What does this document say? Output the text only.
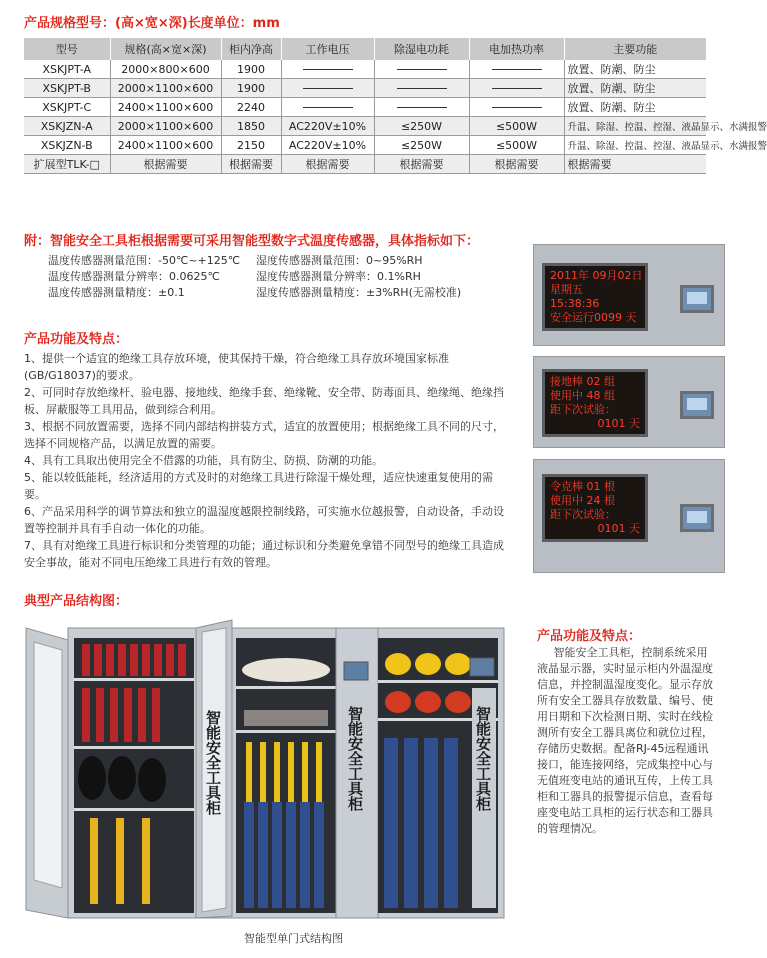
产品规格型号：(高×宽×深)长度单位：mm
型号	规格(高×宽×深)	柜内净高	工作电压	除湿电功耗	电加热功率	主要功能
XSKJPT-A	2000×800×600	1900				放置、防潮、防尘
XSKJPT-B	2000×1100×600	1900				放置、防潮、防尘
XSKJPT-C	2400×1100×600	2240				放置、防潮、防尘
XSKJZN-A	2000×1100×600	1850	AC220V±10%	≤250W	≤500W	升温、除湿、控温、控湿、液晶显示、水满报警
XSKJZN-B	2400×1100×600	2150	AC220V±10%	≤250W	≤500W	升温、除湿、控温、控湿、液晶显示、水满报警
扩展型TLK-□	根据需要	根据需要	根据需要	根据需要	根据需要	根据需要
附：智能安全工具柜根据需要可采用智能型数字式温度传感器，具体指标如下：
温度传感器测量范围：-50℃~+125℃
温度传感器测量分辨率：0.0625℃
温度传感器测量精度：±0.1
湿度传感器测量范围：0~95%RH
湿度传感器测量分辨率：0.1%RH
湿度传感器测量精度：±3%RH(无需校准)
产品功能及特点：

1、提供一个适宜的绝缘工具存放环境，使其保持干燥，符合绝缘工具存放环境国家标准(GB/G18037)的要求。

2、可同时存放绝缘杆、验电器、接地线、绝缘手套、绝缘靴、安全带、防毒面具、绝缘绳、绝缘挡板、屏蔽服等工具用品，做到综合利用。

3、根据不同放置需要，选择不同内部结构拼装方式，适宜的放置使用；根据绝缘工具不同的尺寸，选择不同规格产品，以满足放置的需要。

4、具有工具取出使用完全不借露的功能，具有防尘、防损、防潮的功能。

5、能以较低能耗，经济适用的方式及时的对绝缘工具进行除湿干燥处理，适应快速重复使用的需要。

6、产品采用科学的调节算法和独立的温湿度越限控制线路，可实施水位越报警，自动设备，手动设置等控制并具有手自动一体化的功能。

7、具有对绝缘工具进行标识和分类管理的功能；通过标识和分类避免拿错不同型号的绝缘工具造成安全事故，能对不同电压绝缘工具进行有效的管理。

2011年 09月02日
星期五
15:38:36
安全运行0099 天
接地棒 02 组
使用中 48 组
距下次试验：
0101 天
令克棒 01 根
使用中 24 根
距下次试验：
0101 天
典型产品结构图：
智能安全工具柜	智能安全工具柜	智能安全工具柜
智能型单门式结构图
产品功能及特点：

智能安全工具柜，控制系统采用液晶显示器，实时显示柜内外温湿度信息，并控制温湿度变化。显示存放所有安全工器具存放数量、编号、使用日期和下次检测日期、实时在线检测所有安全工器具离位和就位过程，存储历史数据。配备RJ-45远程通讯接口，能连接网络，完成集控中心与无值班变电站的通讯互传，上传工具柜和工器具的报警提示信息，查看每座变电站工具柜的运行状态和工器具的管理情况。
